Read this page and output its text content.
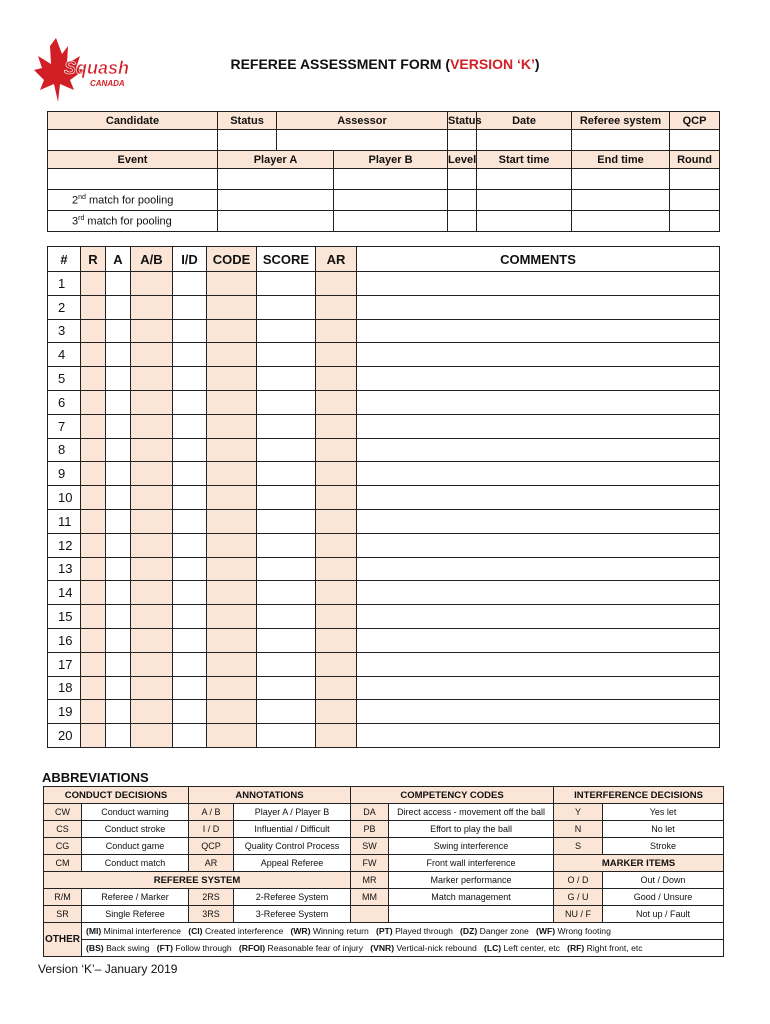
Squash
CANADA
REFEREE ASSESSMENT FORM (VERSION ‘K’)
Candidate	Status	Assessor		Status	Date	Referee system	QCP

Event	Player A		Player B	Level	Start time	End time	Round

2nd match for pooling							
3rd match for pooling							
#	R	A	A/B	I/D	CODE	SCORE	AR	COMMENTS
1								
2								
3								
4								
5								
6								
7								
8								
9								
10								
11								
12								
13								
14								
15								
16								
17								
18								
19								
20								
ABBREVIATIONS
CONDUCT DECISIONS		ANNOTATIONS		COMPETENCY CODES		INTERFERENCE DECISIONS	
CW	Conduct warning	A / B	Player A / Player B	DA	Direct access - movement off the ball	Y	Yes let
CS	Conduct stroke	I / D	Influential / Difficult	PB	Effort to play the ball	N	No let
CG	Conduct game	QCP	Quality Control Process	SW	Swing interference	S	Stroke
CM	Conduct match	AR	Appeal Referee	FW	Front wall interference	MARKER ITEMS	
REFEREE SYSTEM				MR	Marker performance	O / D	Out / Down
R/M	Referee / Marker	2RS	2-Referee System	MM	Match management	G / U	Good / Unsure
SR	Single Referee	3RS	3-Referee System			NU / F	Not up / Fault
OTHER	(MI) Minimal interference (CI) Created interference (WR) Winning return (PT) Played through (DZ) Danger zone (WF) Wrong footing						
	(BS) Back swing (FT) Follow through (RFOI) Reasonable fear of injury (VNR) Vertical-nick rebound (LC) Left center, etc (RF) Right front, etc						
Version ‘K’– January 2019
